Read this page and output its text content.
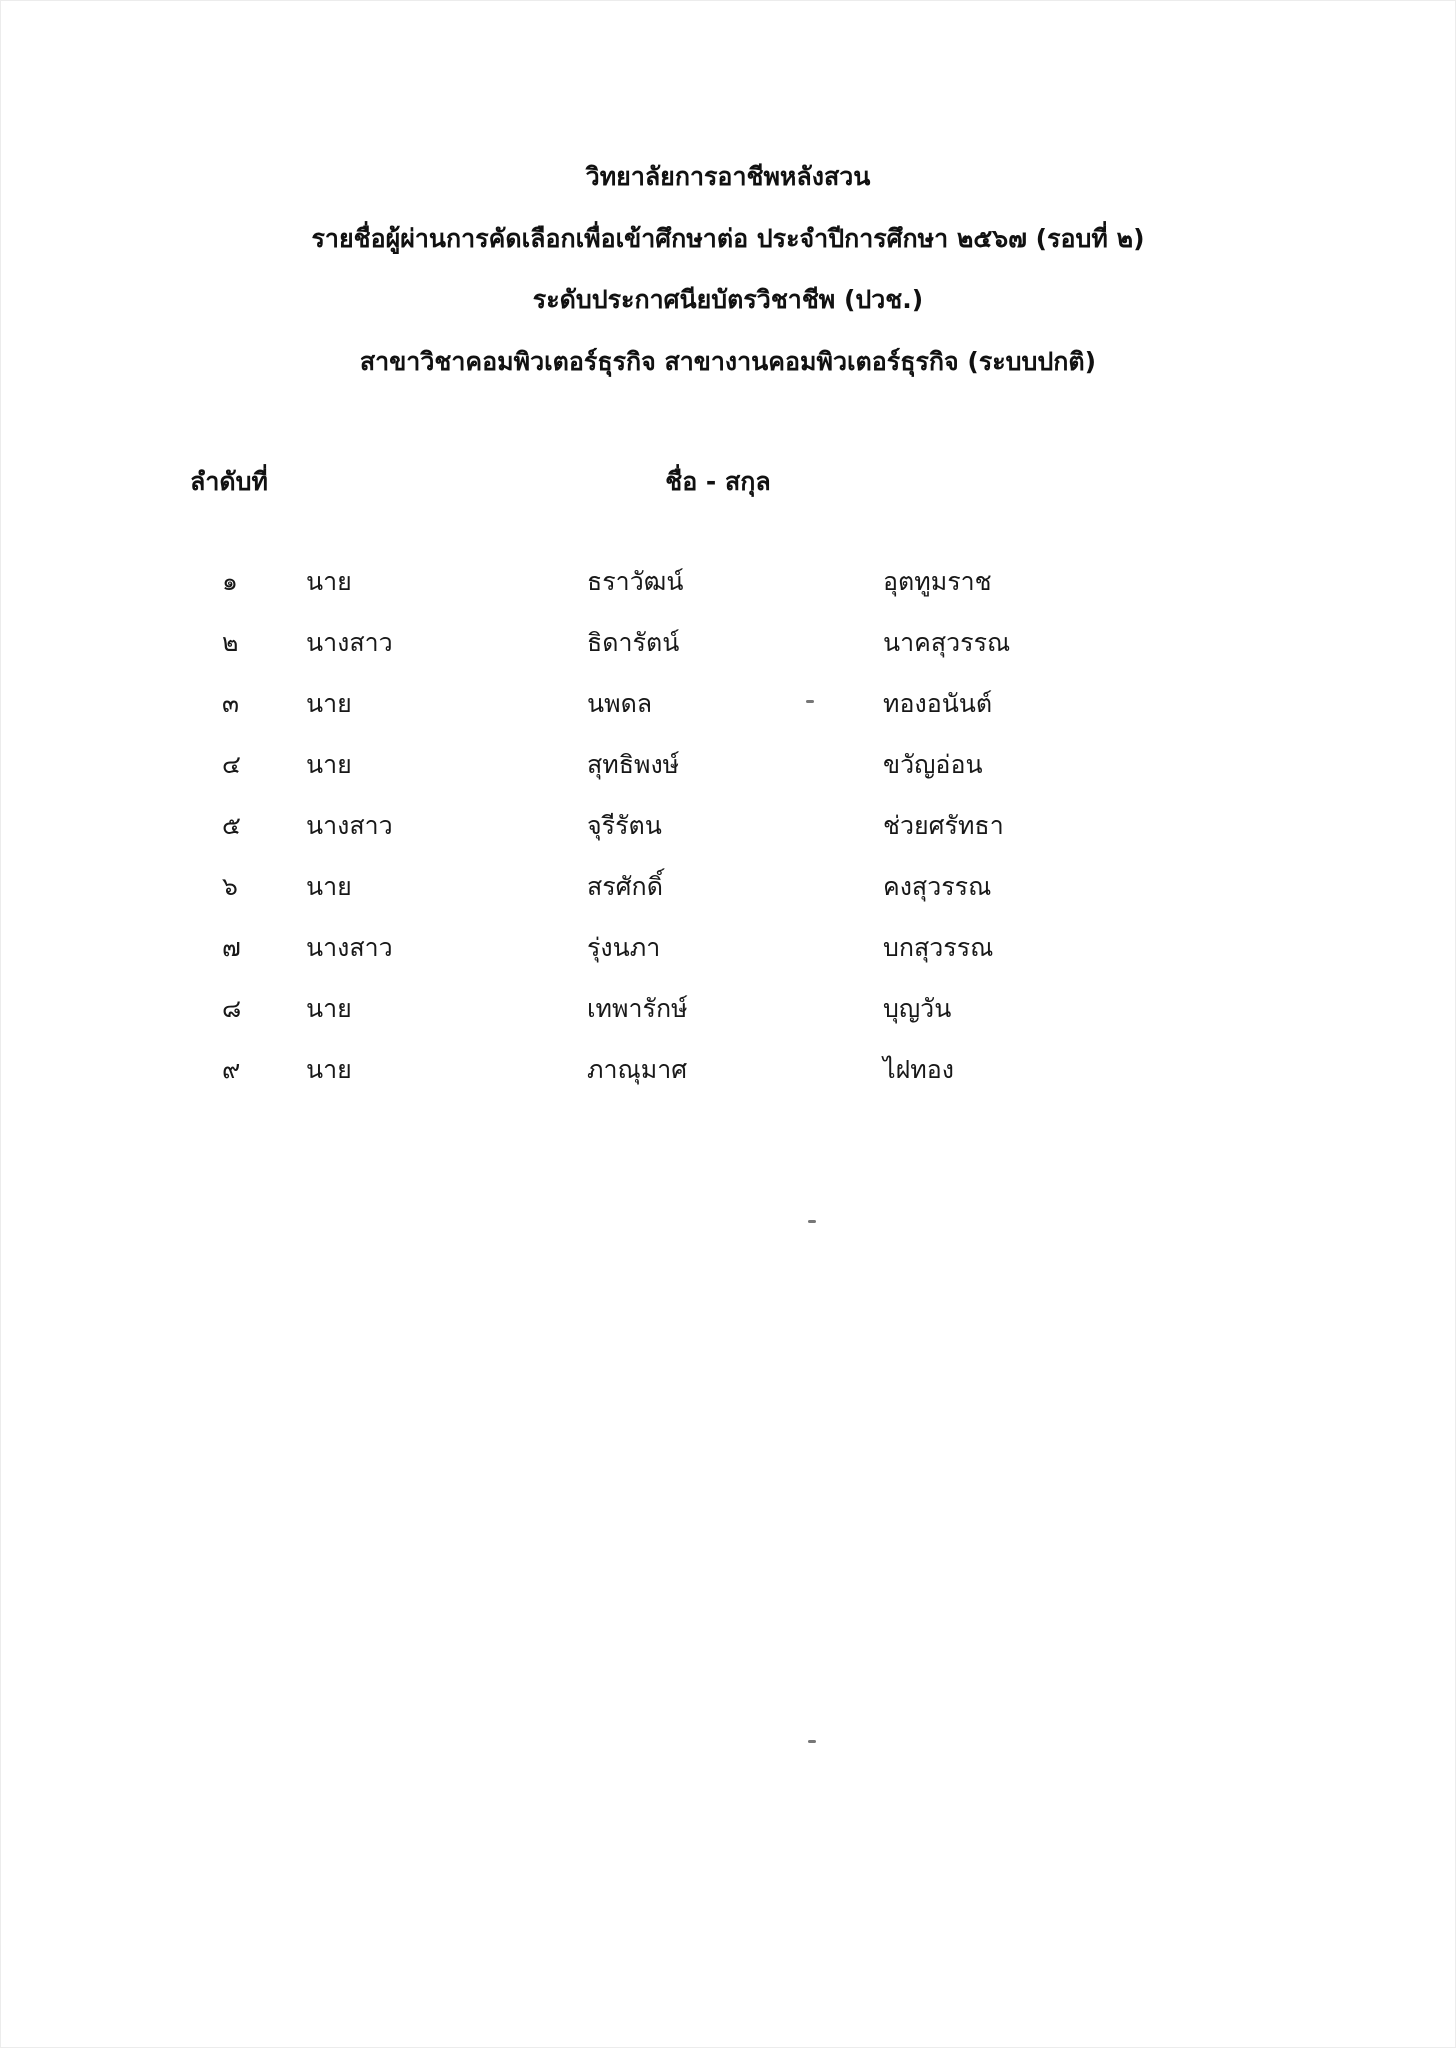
วิทยาลัยการอาชีพหลังสวน
รายชื่อผู้ผ่านการคัดเลือกเพื่อเข้าศึกษาต่อ ประจำปีการศึกษา ๒๕๖๗ (รอบที่ ๒)
ระดับประกาศนียบัตรวิชาชีพ (ปวช.)
สาขาวิชาคอมพิวเตอร์ธุรกิจ สาขางานคอมพิวเตอร์ธุรกิจ (ระบบปกติ)
ลำดับที่	ชื่อ - สกุล
๑	นาย	ธราวัฒน์	อุตทูมราช
๒	นางสาว	ธิดารัตน์	นาคสุวรรณ
๓	นาย	นพดล	ทองอนันต์
๔	นาย	สุทธิพงษ์	ขวัญอ่อน
๕	นางสาว	จุรีรัตน	ช่วยศรัทธา
๖	นาย	สรศักดิ์	คงสุวรรณ
๗	นางสาว	รุ่งนภา	บกสุวรรณ
๘	นาย	เทพารักษ์	บุญวัน
๙	นาย	ภาณุมาศ	ไฝทอง
